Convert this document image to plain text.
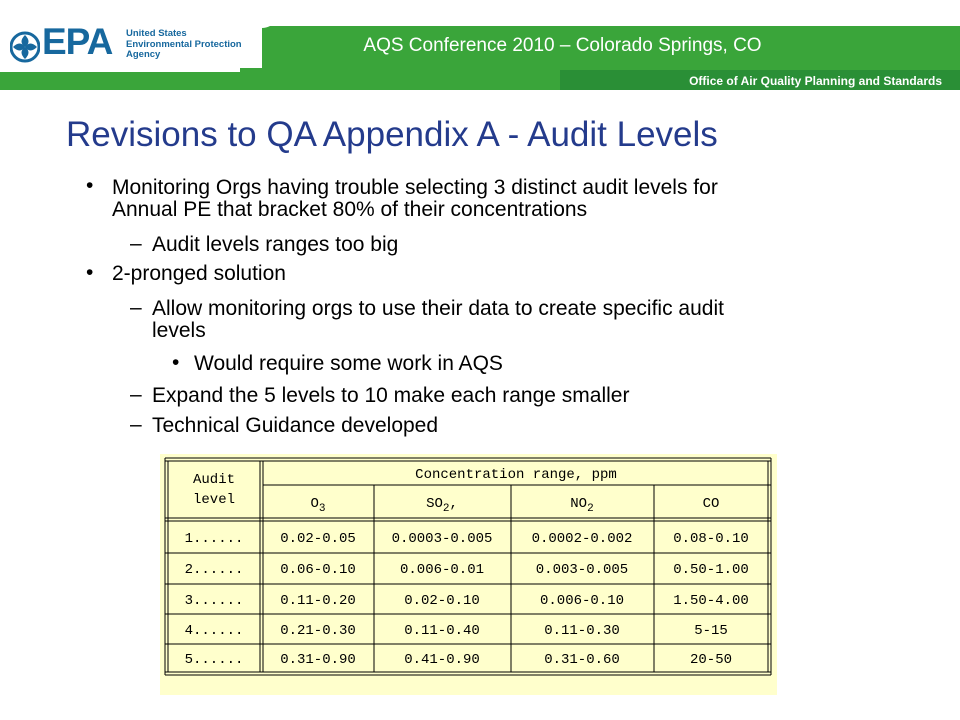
EPA United States
Environmental Protection
Agency	AQS Conference 2010 – Colorado Springs, CO
Office of Air Quality Planning and Standards
Revisions to QA Appendix A - Audit Levels
• Monitoring Orgs having trouble selecting 3 distinct audit levels for

Annual PE that bracket 80% of their concentrations

– Audit levels ranges too big

• 2-pronged solution

– Allow monitoring orgs to use their data to create specific audit

levels

• Would require some work in AQS

– Expand the 5 levels to 10 make each range smaller

– Technical Guidance developed

Audit
level
Concentration range, ppm
$O_3$	$SO_2$,	$NO_2$	CO
1......	0.02-0.05	0.0003-0.005	0.0002-0.002	0.08-0.10
2......	0.06-0.10	0.006-0.01	0.003-0.005	0.50-1.00
3......	0.11-0.20	0.02-0.10	0.006-0.10	1.50-4.00
4......	0.21-0.30	0.11-0.40	0.11-0.30	5-15
5......	0.31-0.90	0.41-0.90	0.31-0.60	20-50
